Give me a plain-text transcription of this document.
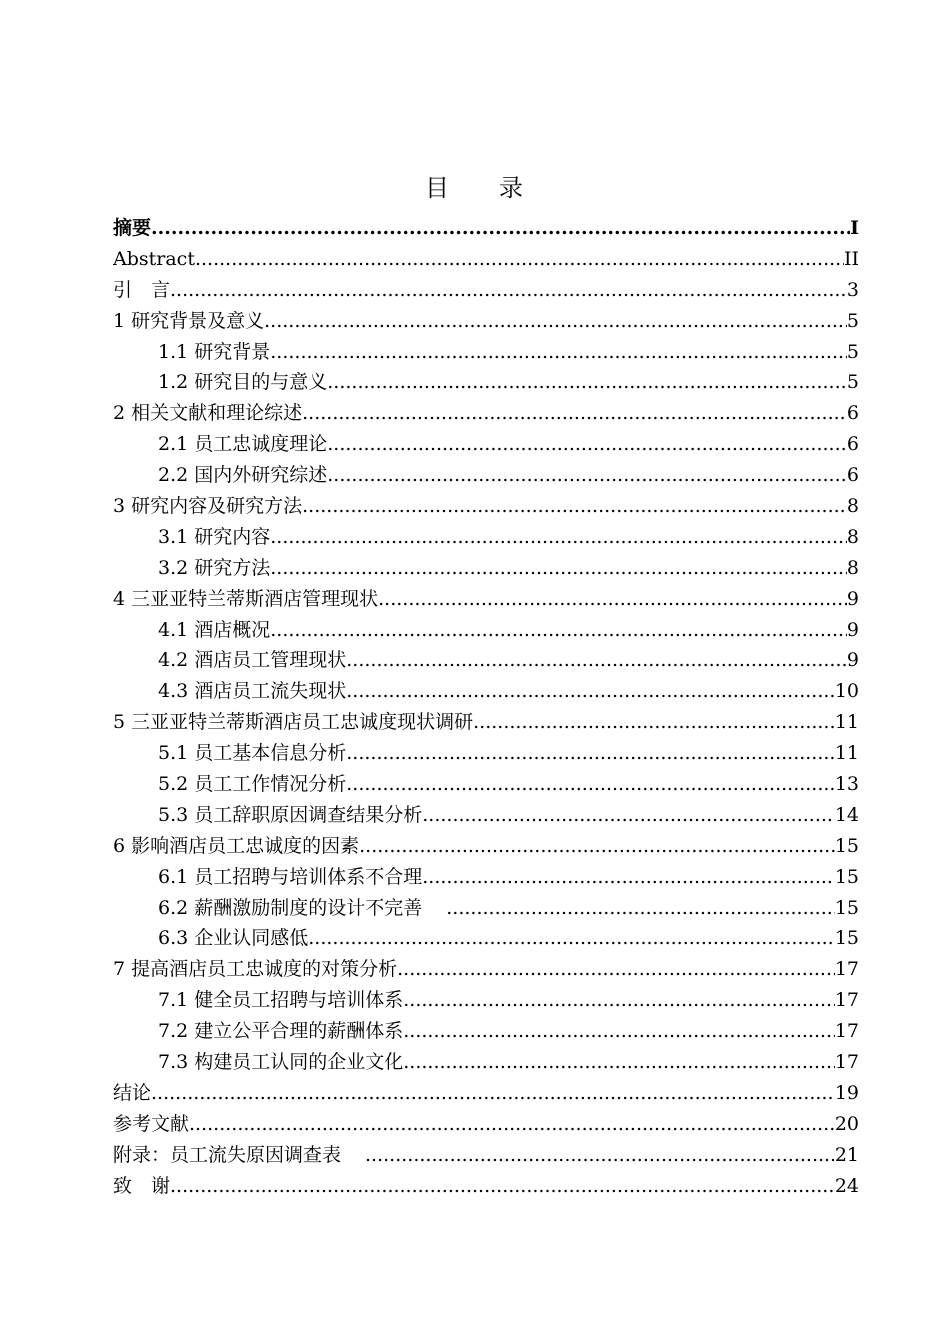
目 录
摘要 .....	I
Abstract .....	II
引　言 .....	3
1 研究背景及意义 .....	5
1.1 研究背景 .....	5
1.2 研究目的与意义 .....	5
2 相关文献和理论综述 .....	6
2.1 员工忠诚度理论 .....	6
2.2 国内外研究综述 .....	6
3 研究内容及研究方法 .....	8
3.1 研究内容 .....	8
3.2 研究方法 .....	8
4 三亚亚特兰蒂斯酒店管理现状 .....	9
4.1 酒店概况 .....	9
4.2 酒店员工管理现状 .....	9
4.3 酒店员工流失现状 .....	10
5 三亚亚特兰蒂斯酒店员工忠诚度现状调研 .....	11
5.1 员工基本信息分析 .....	11
5.2 员工工作情况分析 .....	13
5.3 员工辞职原因调查结果分析 .....	14
6 影响酒店员工忠诚度的因素 .....	15
6.1 员工招聘与培训体系不合理 .....	15
6.2 薪酬激励制度的设计不完善 .....	15
6.3 企业认同感低 .....	15
7 提高酒店员工忠诚度的对策分析 .....	17
7.1 健全员工招聘与培训体系 .....	17
7.2 建立公平合理的薪酬体系 .....	17
7.3 构建员工认同的企业文化 .....	17
结论 .....	19
参考文献 .....	20
附录：员工流失原因调查表 .....	21
致　谢 .....	24
